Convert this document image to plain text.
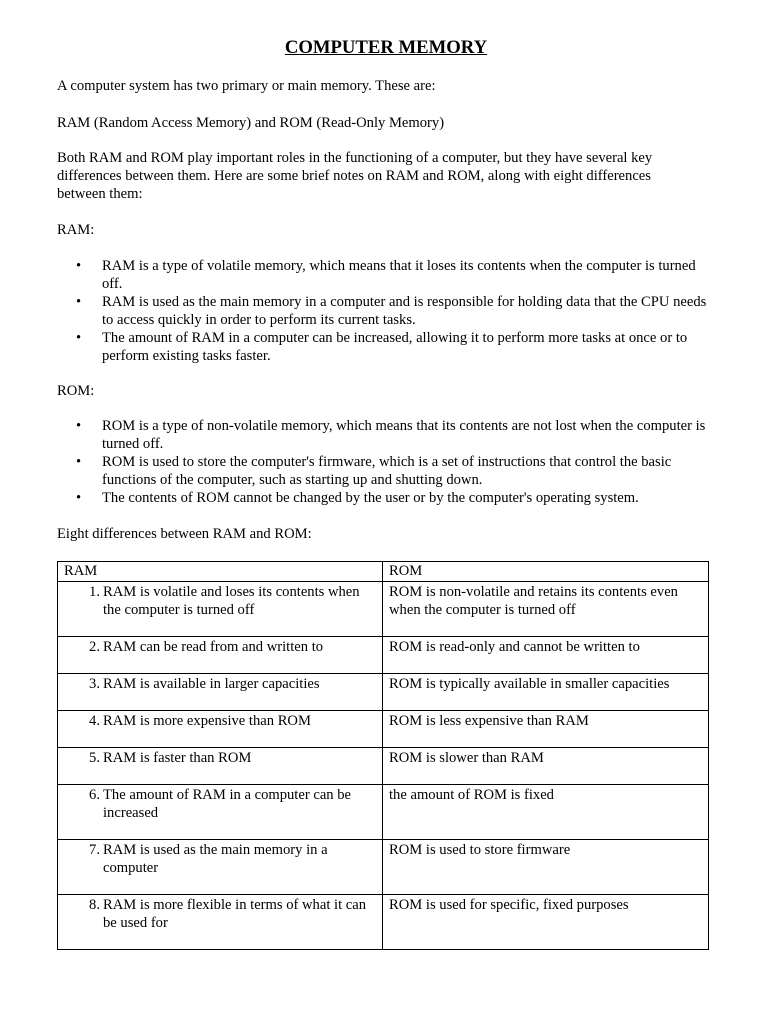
COMPUTER MEMORY

A computer system has two primary or main memory. These are:

RAM (Random Access Memory) and ROM (Read-Only Memory)

Both RAM and ROM play important roles in the functioning of a computer, but they have several key differences between them. Here are some brief notes on RAM and ROM, along with eight differences between them:

RAM:

• RAM is a type of volatile memory, which means that it loses its contents when the computer is turned off.
• RAM is used as the main memory in a computer and is responsible for holding data that the CPU needs to access quickly in order to perform its current tasks.
• The amount of RAM in a computer can be increased, allowing it to perform more tasks at once or to perform existing tasks faster.

ROM:

• ROM is a type of non-volatile memory, which means that its contents are not lost when the computer is turned off.
• ROM is used to store the computer's firmware, which is a set of instructions that control the basic functions of the computer, such as starting up and shutting down.
• The contents of ROM cannot be changed by the user or by the computer's operating system.

Eight differences between RAM and ROM:

RAM	ROM

1. RAM is volatile and loses its contents when the computer is turned off	ROM is non-volatile and retains its contents even when the computer is turned off

2. RAM can be read from and written to	ROM is read-only and cannot be written to

3. RAM is available in larger capacities	ROM is typically available in smaller capacities

4. RAM is more expensive than ROM	ROM is less expensive than RAM

5. RAM is faster than ROM	ROM is slower than RAM

6. The amount of RAM in a computer can be increased	the amount of ROM is fixed

7. RAM is used as the main memory in a computer	ROM is used to store firmware

8. RAM is more flexible in terms of what it can be used for	ROM is used for specific, fixed purposes
